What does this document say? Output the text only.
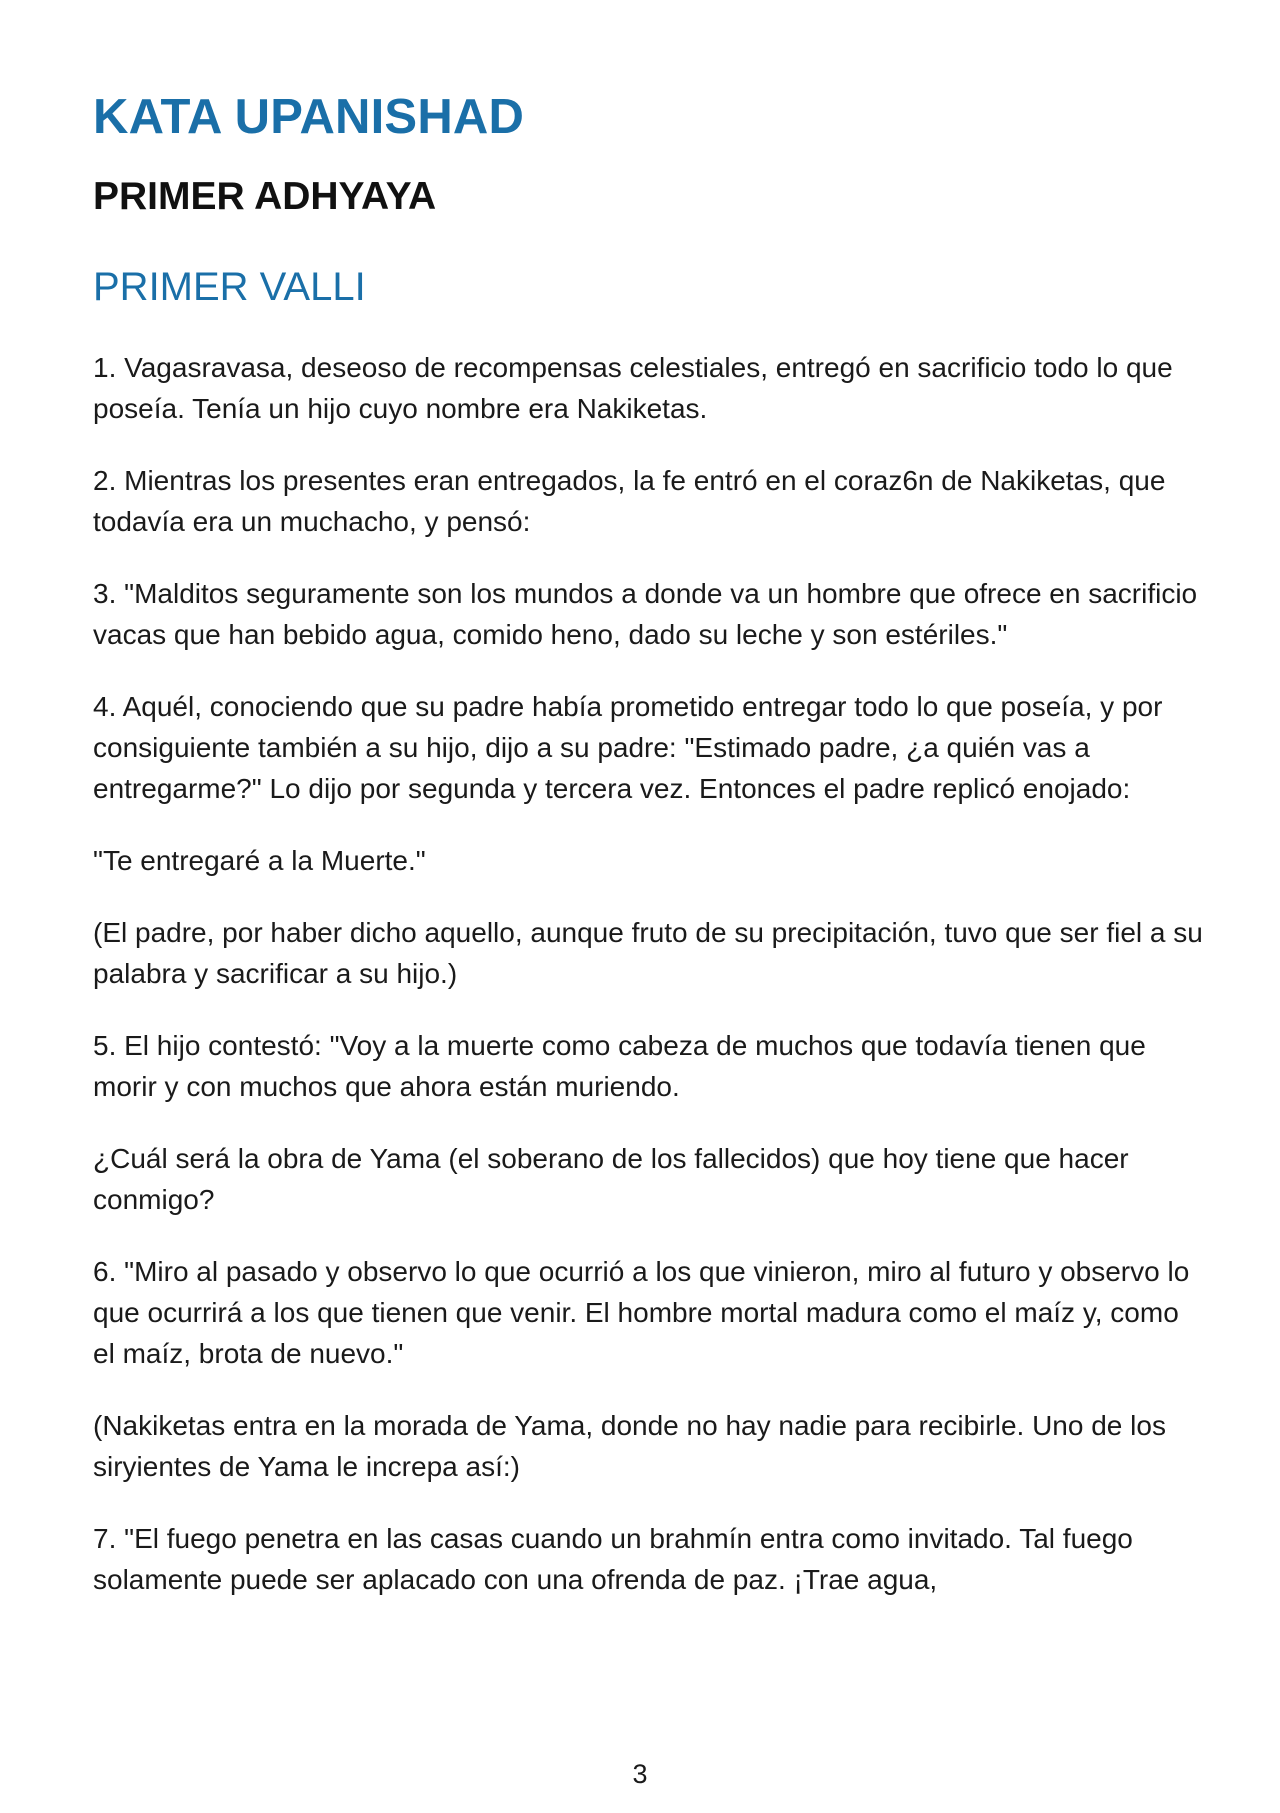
KATA UPANISHAD
PRIMER ADHYAYA
PRIMER VALLI

1. Vagasravasa, deseoso de recompensas celestiales, entregó en sacrificio todo lo que poseía. Tenía un hijo cuyo nombre era Nakiketas.

2. Mientras los presentes eran entregados, la fe entró en el coraz6n de Nakiketas, que todavía era un muchacho, y pensó:

3. "Malditos seguramente son los mundos a donde va un hombre que ofrece en sacrificio vacas que han bebido agua, comido heno, dado su leche y son estériles."

4. Aquél, conociendo que su padre había prometido entregar todo lo que poseía, y por consiguiente también a su hijo, dijo a su padre: "Estimado padre, ¿a quién vas a entregarme?" Lo dijo por segunda y tercera vez. Entonces el padre replicó enojado:

"Te entregaré a la Muerte."

(El padre, por haber dicho aquello, aunque fruto de su precipitación, tuvo que ser fiel a su palabra y sacrificar a su hijo.)

5. El hijo contestó: "Voy a la muerte como cabeza de muchos que todavía tienen que morir y con muchos que ahora están muriendo.

¿Cuál será la obra de Yama (el soberano de los fallecidos) que hoy tiene que hacer conmigo?

6. "Miro al pasado y observo lo que ocurrió a los que vinieron, miro al futuro y observo lo que ocurrirá a los que tienen que venir. El hombre mortal madura como el maíz y, como el maíz, brota de nuevo."

(Nakiketas entra en la morada de Yama, donde no hay nadie para recibirle. Uno de los siryientes de Yama le increpa así:)

7. "El fuego penetra en las casas cuando un brahmín entra como invitado. Tal fuego solamente puede ser aplacado con una ofrenda de paz. ¡Trae agua,

3
